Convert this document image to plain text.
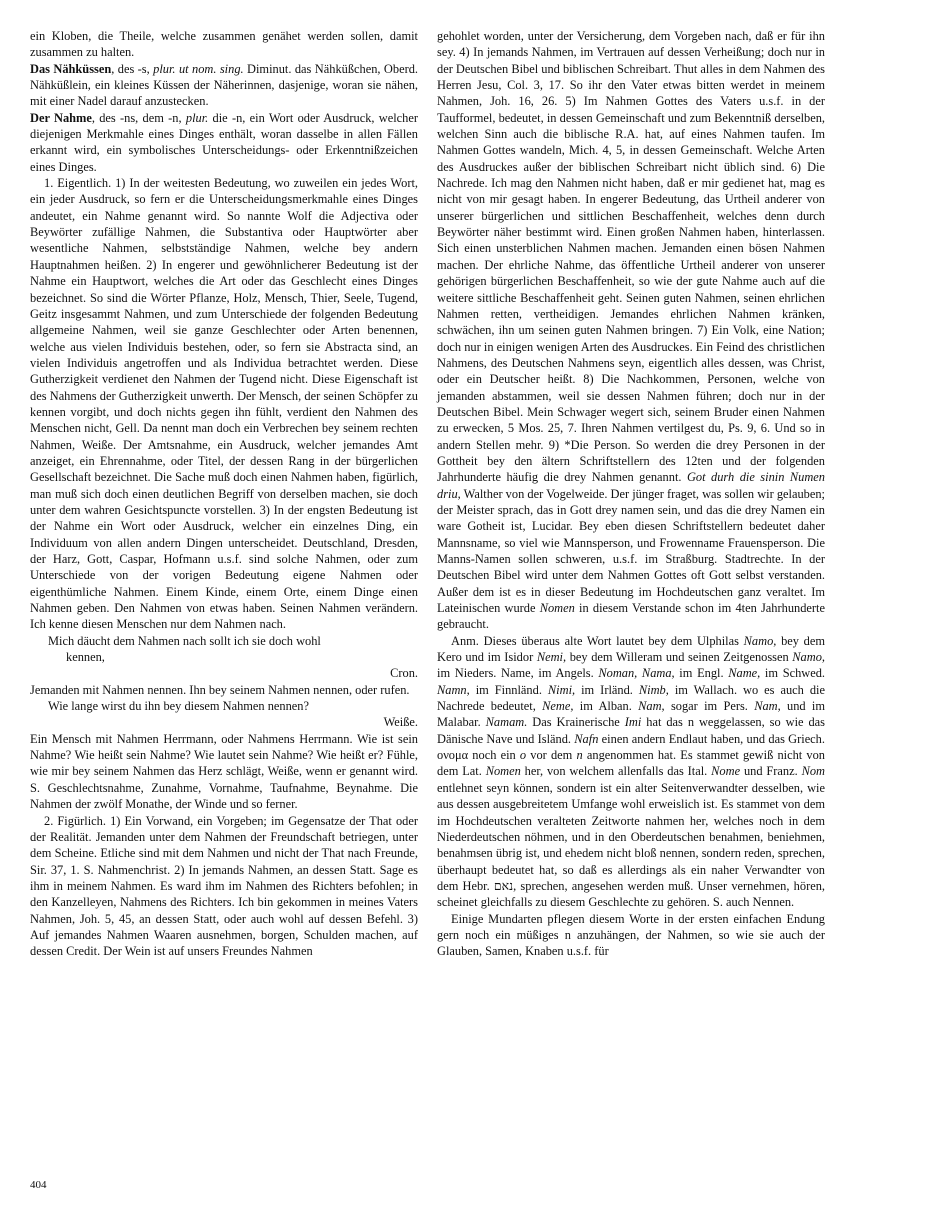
ein Kloben, die Theile, welche zusammen genähet werden sollen, damit zusammen zu halten.

Das Nähküssen, des -s, plur. ut nom. sing. Diminut. das Nähküßchen, Oberd. Nähküßlein, ein kleines Küssen der Näherinnen, dasjenige, woran sie nähen, mit einer Nadel darauf anzustecken.

Der Nahme, des -ns, dem -n, plur. die -n, ein Wort oder Ausdruck, welcher diejenigen Merkmahle eines Dinges enthält, woran dasselbe in allen Fällen erkannt wird, ein symbolisches Unterscheidungs- oder Erkenntnißzeichen eines Dinges.

1. Eigentlich. 1) In der weitesten Bedeutung, wo zuweilen ein jedes Wort, ein jeder Ausdruck, so fern er die Unterscheidungsmerkmahle eines Dinges andeutet, ein Nahme genannt wird. So nannte Wolf die Adjectiva oder Beywörter zufällige Nahmen, die Substantiva oder Hauptwörter aber wesentliche Nahmen, selbstständige Nahmen, welche bey andern Hauptnahmen heißen. 2) In engerer und gewöhnlicherer Bedeutung ist der Nahme ein Hauptwort, welches die Art oder das Geschlecht eines Dinges bezeichnet. So sind die Wörter Pflanze, Holz, Mensch, Thier, Seele, Tugend, Geitz insgesammt Nahmen, und zum Unterschiede der folgenden Bedeutung allgemeine Nahmen, weil sie ganze Geschlechter oder Arten benennen, welche aus vielen Individuis bestehen, oder, so fern sie Abstracta sind, an vielen Individuis angetroffen und als Individua betrachtet werden. Diese Gutherzigkeit verdienet den Nahmen der Tugend nicht. Diese Eigenschaft ist des Nahmens der Gutherzigkeit unwerth. Der Mensch, der seinen Schöpfer zu kennen vorgibt, und doch nichts gegen ihn fühlt, verdient den Nahmen des Menschen nicht, Gell. Da nennt man doch ein Verbrechen bey seinem rechten Nahmen, Weiße. Der Amtsnahme, ein Ausdruck, welcher jemandes Amt anzeiget, ein Ehrennahme, oder Titel, der dessen Rang in der bürgerlichen Gesellschaft bezeichnet. Die Sache muß doch einen Nahmen haben, figürlich, man muß sich doch einen deutlichen Begriff von derselben machen, sie doch unter dem wahren Gesichtspuncte vorstellen. 3) In der engsten Bedeutung ist der Nahme ein Wort oder Ausdruck, welcher ein einzelnes Ding, ein Individuum von allen andern Dingen unterscheidet. Deutschland, Dresden, der Harz, Gott, Caspar, Hofmann u.s.f. sind solche Nahmen, oder zum Unterschiede von der vorigen Bedeutung eigene Nahmen oder eigenthümliche Nahmen. Einem Kinde, einem Orte, einem Dinge einen Nahmen geben. Den Nahmen von etwas haben. Seinen Nahmen verändern. Ich kenne diesen Menschen nur dem Nahmen nach.

Mich däucht dem Nahmen nach sollt ich sie doch wohl

kennen,

Cron.

Jemanden mit Nahmen nennen. Ihn bey seinem Nahmen nennen, oder rufen.

Wie lange wirst du ihn bey diesem Nahmen nennen?

Weiße.

Ein Mensch mit Nahmen Herrmann, oder Nahmens Herrmann. Wie ist sein Nahme? Wie heißt sein Nahme? Wie lautet sein Nahme? Wie heißt er? Fühle, wie mir bey seinem Nahmen das Herz schlägt, Weiße, wenn er genannt wird. S. Geschlechtsnahme, Zunahme, Vornahme, Taufnahme, Beynahme. Die Nahmen der zwölf Monathe, der Winde und so ferner.

2. Figürlich. 1) Ein Vorwand, ein Vorgeben; im Gegensatze der That oder der Realität. Jemanden unter dem Nahmen der Freundschaft betriegen, unter dem Scheine. Etliche sind mit dem Nahmen und nicht der That nach Freunde, Sir. 37, 1. S. Nahmenchrist. 2) In jemands Nahmen, an dessen Statt. Sage es ihm in meinem Nahmen. Es ward ihm im Nahmen des Richters befohlen; in den Kanzelleyen, Nahmens des Richters. Ich bin gekommen in meines Vaters Nahmen, Joh. 5, 45, an dessen Statt, oder auch wohl auf dessen Befehl. 3) Auf jemandes Nahmen Waaren ausnehmen, borgen, Schulden machen, auf dessen Credit. Der Wein ist auf unsers Freundes Nahmen

gehohlet worden, unter der Versicherung, dem Vorgeben nach, daß er für ihn sey. 4) In jemands Nahmen, im Vertrauen auf dessen Verheißung; doch nur in der Deutschen Bibel und biblischen Schreibart. Thut alles in dem Nahmen des Herren Jesu, Col. 3, 17. So ihr den Vater etwas bitten werdet in meinem Nahmen, Joh. 16, 26. 5) Im Nahmen Gottes des Vaters u.s.f. in der Taufformel, bedeutet, in dessen Gemeinschaft und zum Bekenntniß derselben, welchen Sinn auch die biblische R.A. hat, auf eines Nahmen taufen. Im Nahmen Gottes wandeln, Mich. 4, 5, in dessen Gemeinschaft. Welche Arten des Ausdruckes außer der biblischen Schreibart nicht üblich sind. 6) Die Nachrede. Ich mag den Nahmen nicht haben, daß er mir gedienet hat, mag es nicht von mir gesagt haben. In engerer Bedeutung, das Urtheil anderer von unserer bürgerlichen und sittlichen Beschaffenheit, welches denn durch Beywörter näher bestimmt wird. Einen großen Nahmen haben, hinterlassen. Sich einen unsterblichen Nahmen machen. Jemanden einen bösen Nahmen machen. Der ehrliche Nahme, das öffentliche Urtheil anderer von unserer gehörigen bürgerlichen Beschaffenheit, so wie der gute Nahme auch auf die weitere sittliche Beschaffenheit geht. Seinen guten Nahmen, seinen ehrlichen Nahmen retten, vertheidigen. Jemandes ehrlichen Nahmen kränken, schwächen, ihn um seinen guten Nahmen bringen. 7) Ein Volk, eine Nation; doch nur in einigen wenigen Arten des Ausdruckes. Ein Feind des christlichen Nahmens, des Deutschen Nahmens seyn, eigentlich alles dessen, was Christ, oder ein Deutscher heißt. 8) Die Nachkommen, Personen, welche von jemanden abstammen, weil sie dessen Nahmen führen; doch nur in der Deutschen Bibel. Mein Schwager wegert sich, seinem Bruder einen Nahmen zu erwecken, 5 Mos. 25, 7. Ihren Nahmen vertilgest du, Ps. 9, 6. Und so in andern Stellen mehr. 9) *Die Person. So werden die drey Personen in der Gottheit bey den ältern Schriftstellern des 12ten und der folgenden Jahrhunderte häufig die drey Nahmen genannt. Got durh die sinin Numen driu, Walther von der Vogelweide. Der jünger fraget, was sollen wir gelauben; der Meister sprach, das in Gott drey namen sein, und das die drey Namen ein ware Gotheit ist, Lucidar. Bey eben diesen Schriftstellern bedeutet daher Mannsname, so viel wie Mannsperson, und Frowenname Frauensperson. Die Manns-Namen sollen schweren, u.s.f. im Straßburg. Stadtrechte. In der Deutschen Bibel wird unter dem Nahmen Gottes oft Gott selbst verstanden. Außer dem ist es in dieser Bedeutung im Hochdeutschen ganz veraltet. Im Lateinischen wurde Nomen in diesem Verstande schon im 4ten Jahrhunderte gebraucht.

Anm. Dieses überaus alte Wort lautet bey dem Ulphilas Namo, bey dem Kero und im Isidor Nemi, bey dem Willeram und seinen Zeitgenossen Namo, im Nieders. Name, im Angels. Noman, Nama, im Engl. Name, im Schwed. Namn, im Finnländ. Nimi, im Irländ. Nimb, im Wallach. wo es auch die Nachrede bedeutet, Neme, im Alban. Nam, sogar im Pers. Nam, und im Malabar. Namam. Das Krainerische Imi hat das n weggelassen, so wie das Dänische Nave und Isländ. Nafn einen andern Endlaut haben, und das Griech. ονομα noch ein o vor dem n angenommen hat. Es stammet gewiß nicht von dem Lat. Nomen her, von welchem allenfalls das Ital. Nome und Franz. Nom entlehnet seyn können, sondern ist ein alter Seitenverwandter desselben, wie aus dessen ausgebreitetem Umfange wohl erweislich ist. Es stammet von dem im Hochdeutschen veralteten Zeitworte nahmen her, welches noch in dem Niederdeutschen nöhmen, und in den Oberdeutschen benahmen, beniehmen, benahmsen übrig ist, und ehedem nicht bloß nennen, sondern reden, sprechen, überhaupt bedeutet hat, so daß es allerdings als ein naher Verwandter von dem Hebr. נאם, sprechen, angesehen werden muß. Unser vernehmen, hören, scheinet gleichfalls zu diesem Geschlechte zu gehören. S. auch Nennen.

Einige Mundarten pflegen diesem Worte in der ersten einfachen Endung gern noch ein müßiges n anzuhängen, der Nahmen, so wie sie auch der Glauben, Samen, Knaben u.s.f. für

404
